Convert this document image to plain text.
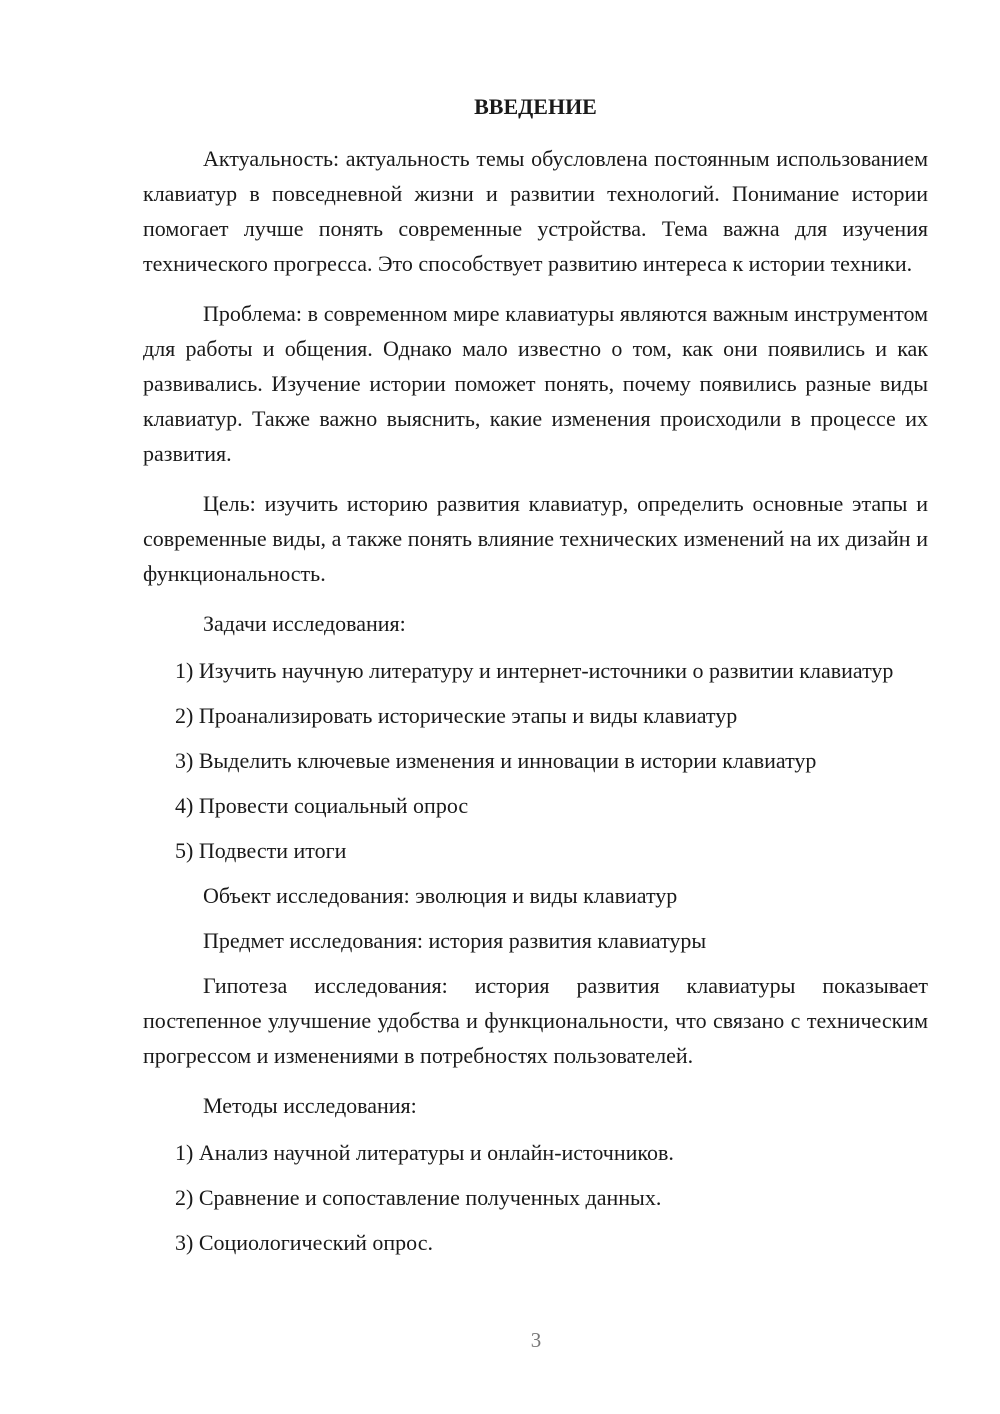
ВВЕДЕНИЕ

Актуальность: актуальность темы обусловлена постоянным использованием клавиатур в повседневной жизни и развитии технологий. Понимание истории помогает лучше понять современные устройства. Тема важна для изучения технического прогресса. Это способствует развитию интереса к истории техники.

Проблема: в современном мире клавиатуры являются важным инструментом для работы и общения. Однако мало известно о том, как они появились и как развивались. Изучение истории поможет понять, почему появились разные виды клавиатур. Также важно выяснить, какие изменения происходили в процессе их развития.

Цель: изучить историю развития клавиатур, определить основные этапы и современные виды, а также понять влияние технических изменений на их дизайн и функциональность.

Задачи исследования:

1) Изучить научную литературу и интернет-источники о развитии клавиатур

2) Проанализировать исторические этапы и виды клавиатур
3) Выделить ключевые изменения и инновации в истории клавиатур
4) Провести социальный опрос
5) Подвести итоги
Объект исследования: эволюция и виды клавиатур
Предмет исследования: история развития клавиатуры

Гипотеза исследования: история развития клавиатуры показывает постепенное улучшение удобства и функциональности, что связано с техническим прогрессом и изменениями в потребностях пользователей.

Методы исследования:
1) Анализ научной литературы и онлайн-источников.
2) Сравнение и сопоставление полученных данных.
3) Социологический опрос.
3
